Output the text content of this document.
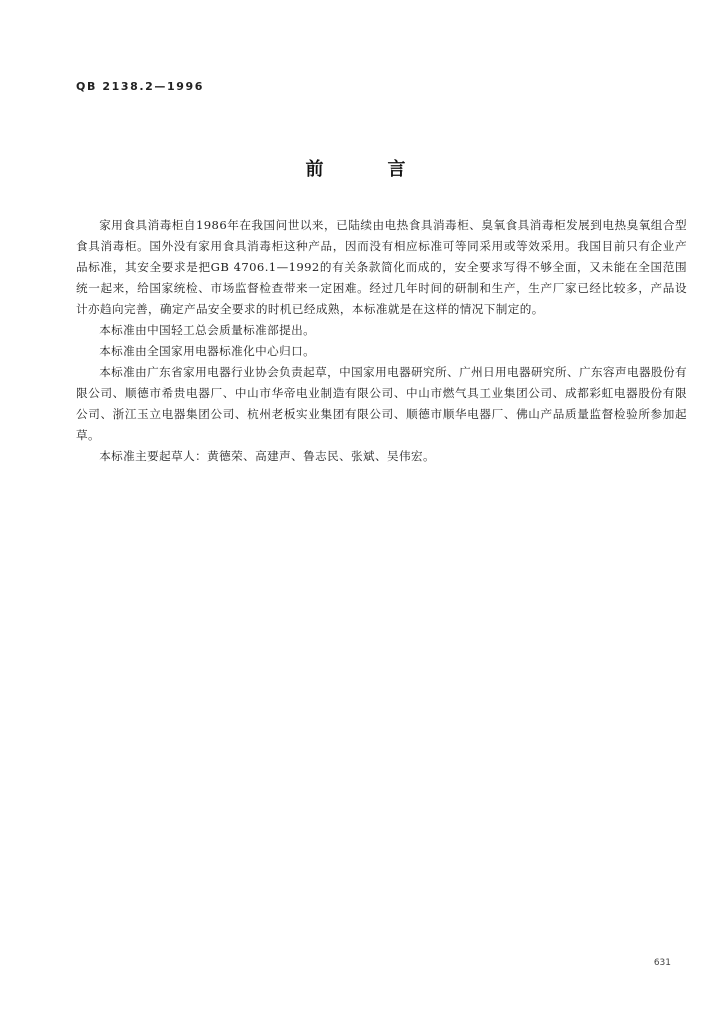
QB 2138.2—1996
前	言

家用食具消毒柜自1986年在我国问世以来，已陆续由电热食具消毒柜、臭氧食具消毒柜发展到电热臭氧组合型食具消毒柜。国外没有家用食具消毒柜这种产品，因而没有相应标准可等同采用或等效采用。我国目前只有企业产品标准，其安全要求是把GB 4706.1—1992的有关条款简化而成的，安全要求写得不够全面，又未能在全国范围统一起来，给国家统检、市场监督检查带来一定困难。经过几年时间的研制和生产，生产厂家已经比较多，产品设计亦趋向完善，确定产品安全要求的时机已经成熟，本标准就是在这样的情况下制定的。

本标准由中国轻工总会质量标准部提出。

本标准由全国家用电器标准化中心归口。

本标准由广东省家用电器行业协会负责起草，中国家用电器研究所、广州日用电器研究所、广东容声电器股份有限公司、顺德市希贵电器厂、中山市华帝电业制造有限公司、中山市燃气具工业集团公司、成都彩虹电器股份有限公司、浙江玉立电器集团公司、杭州老板实业集团有限公司、顺德市顺华电器厂、佛山产品质量监督检验所参加起草。

本标准主要起草人：黄德荣、高建声、鲁志民、张斌、吴伟宏。

631
